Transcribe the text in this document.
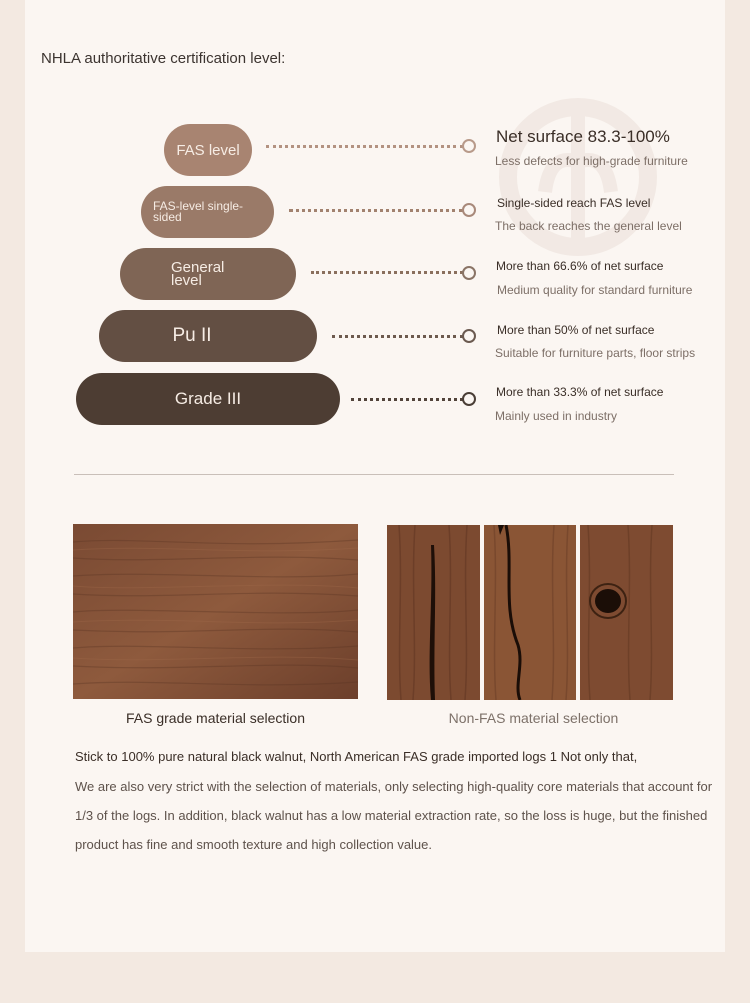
NHLA authoritative certification level:
FAS level
FAS-level single-sided
General level
Pu II
Grade III
Net surface 83.3-100%
Less defects for high-grade furniture
Single-sided reach FAS level
The back reaches the general level
More than 66.6% of net surface
Medium quality for standard furniture
More than 50% of net surface
Suitable for furniture parts, floor strips
More than 33.3% of net surface
Mainly used in industry
FAS grade material selection	Non-FAS material selection
Stick to 100% pure natural black walnut, North American FAS grade imported logs 1 Not only that,
We are also very strict with the selection of materials, only selecting high-quality core materials that account for
1/3 of the logs. In addition, black walnut has a low material extraction rate, so the loss is huge, but the finished
product has fine and smooth texture and high collection value.
